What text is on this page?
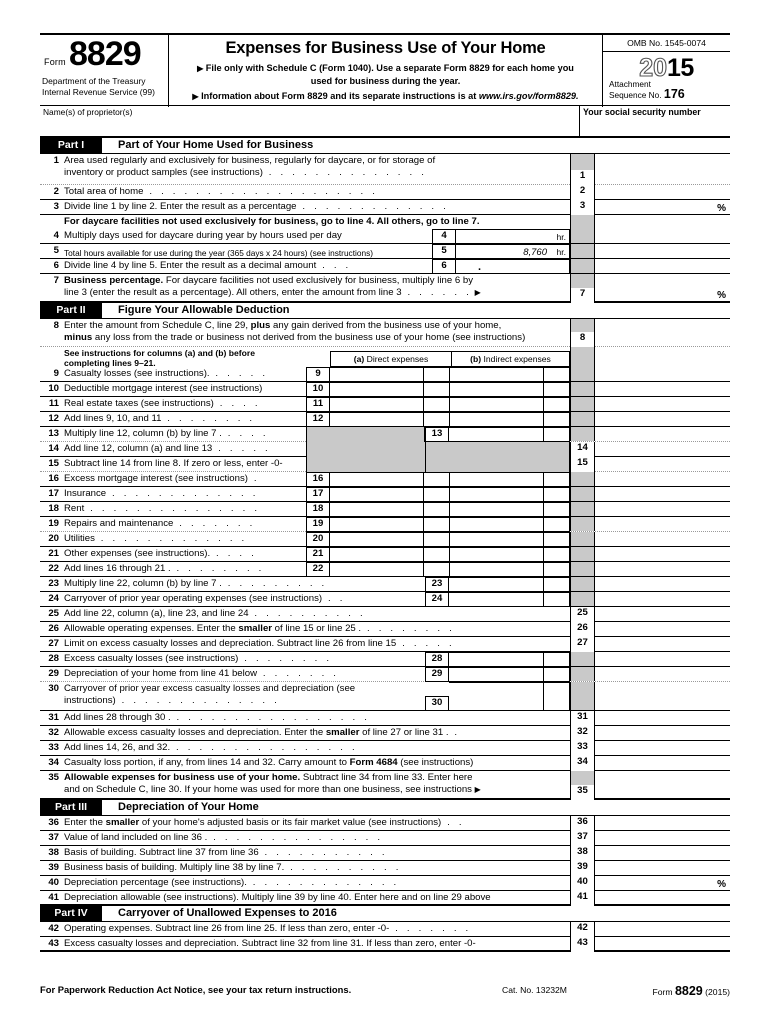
Form 8829
Department of the Treasury
Internal Revenue Service (99)
Expenses for Business Use of Your Home
▶ File only with Schedule C (Form 1040). Use a separate Form 8829 for each home you used for business during the year.
▶ Information about Form 8829 and its separate instructions is at www.irs.gov/form8829.
OMB No. 1545-0074
2015
Attachment
Sequence No. 176
Name(s) of proprietor(s)	Your social security number
Part I	Part of Your Home Used for Business
1 Area used regularly and exclusively for business, regularly for daycare, or for storage of
inventory or product samples (see instructions) . . . . . . . . . . . . . .	1
2 Total area of home . . . . . . . . . . . . . . . . . . . .	2
3 Divide line 1 by line 2. Enter the result as a percentage . . . . . . . . . . . . .	3	%
For daycare facilities not used exclusively for business, go to line 4. All others, go to line 7.
4 Multiply days used for daycare during year by hours used per day	4	hr.
5 Total hours available for use during the year (365 days x 24 hours) (see instructions)	5	8,760 hr.
6 Divide line 4 by line 5. Enter the result as a decimal amount . . .	6	.
7 Business percentage. For daycare facilities not used exclusively for business, multiply line 6 by
line 3 (enter the result as a percentage). All others, enter the amount from line 3 . . . . . . ▶	7	%
Part II	Figure Your Allowable Deduction
8 Enter the amount from Schedule C, line 29, plus any gain derived from the business use of your home,
minus any loss from the trade or business not derived from the business use of your home (see instructions)	8
See instructions for columns (a) and (b) before
completing lines 9–21.	(a) Direct expenses	(b) Indirect expenses
9 Casualty losses (see instructions). . . . . .	9
10 Deductible mortgage interest (see instructions)	10
11 Real estate taxes (see instructions) . . . .	11
12 Add lines 9, 10, and 11 . . . . . . . .	12
13 Multiply line 12, column (b) by line 7 . . . . .	13
14 Add line 12, column (a) and line 13 . . . . .	14
15 Subtract line 14 from line 8. If zero or less, enter -0-	15
16 Excess mortgage interest (see instructions) .	16
17 Insurance . . . . . . . . . . . . .	17
18 Rent . . . . . . . . . . . . . . .	18
19 Repairs and maintenance . . . . . . .	19
20 Utilities . . . . . . . . . . . . .	20
21 Other expenses (see instructions). . . . .	21
22 Add lines 16 through 21 . . . . . . . . .	22
23 Multiply line 22, column (b) by line 7 . . . . . . . . . .	23
24 Carryover of prior year operating expenses (see instructions) . .	24
25 Add line 22, column (a), line 23, and line 24 . . . . . . . . . .	25
26 Allowable operating expenses. Enter the smaller of line 15 or line 25 . . . . . . . . .	26
27 Limit on excess casualty losses and depreciation. Subtract line 26 from line 15 . . . . .	27
28 Excess casualty losses (see instructions) . . . . . . . .	28
29 Depreciation of your home from line 41 below . . . . . . .	29
30 Carryover of prior year excess casualty losses and depreciation (see
instructions) . . . . . . . . . . . . . .	30
31 Add lines 28 through 30 . . . . . . . . . . . . . . . . . .	31
32 Allowable excess casualty losses and depreciation. Enter the smaller of line 27 or line 31 . .	32
33 Add lines 14, 26, and 32. . . . . . . . . . . . . . . . .	33
34 Casualty loss portion, if any, from lines 14 and 32. Carry amount to Form 4684 (see instructions)	34
35 Allowable expenses for business use of your home. Subtract line 34 from line 33. Enter here
and on Schedule C, line 30. If your home was used for more than one business, see instructions ▶	35
Part III	Depreciation of Your Home
36 Enter the smaller of your home's adjusted basis or its fair market value (see instructions) . .	36
37 Value of land included on line 36 . . . . . . . . . . . . . . . .	37
38 Basis of building. Subtract line 37 from line 36 . . . . . . . . . . .	38
39 Business basis of building. Multiply line 38 by line 7. . . . . . . . . . .	39
40 Depreciation percentage (see instructions). . . . . . . . . . . . . .	40	%
41 Depreciation allowable (see instructions). Multiply line 39 by line 40. Enter here and on line 29 above	41
Part IV	Carryover of Unallowed Expenses to 2016
42 Operating expenses. Subtract line 26 from line 25. If less than zero, enter -0- . . . . . . .	42
43 Excess casualty losses and depreciation. Subtract line 32 from line 31. If less than zero, enter -0-	43
For Paperwork Reduction Act Notice, see your tax return instructions.	Cat. No. 13232M	Form 8829 (2015)
